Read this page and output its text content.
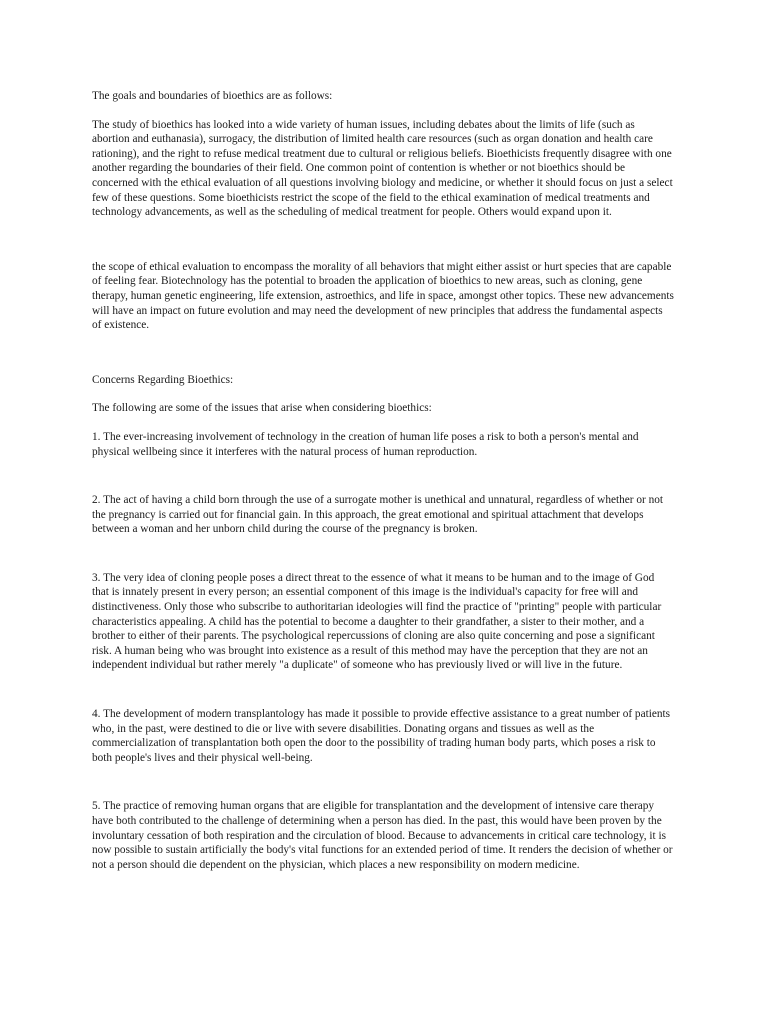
The goals and boundaries of bioethics are as follows:

The study of bioethics has looked into a wide variety of human issues, including debates about the limits of life (such as abortion and euthanasia), surrogacy, the distribution of limited health care resources (such as organ donation and health care rationing), and the right to refuse medical treatment due to cultural or religious beliefs. Bioethicists frequently disagree with one another regarding the boundaries of their field. One common point of contention is whether or not bioethics should be concerned with the ethical evaluation of all questions involving biology and medicine, or whether it should focus on just a select few of these questions. Some bioethicists restrict the scope of the field to the ethical examination of medical treatments and technology advancements, as well as the scheduling of medical treatment for people. Others would expand upon it.

the scope of ethical evaluation to encompass the morality of all behaviors that might either assist or hurt species that are capable of feeling fear. Biotechnology has the potential to broaden the application of bioethics to new areas, such as cloning, gene therapy, human genetic engineering, life extension, astroethics, and life in space, amongst other topics. These new advancements will have an impact on future evolution and may need the development of new principles that address the fundamental aspects of existence.

Concerns Regarding Bioethics:

The following are some of the issues that arise when considering bioethics:

1. The ever-increasing involvement of technology in the creation of human life poses a risk to both a person's mental and physical wellbeing since it interferes with the natural process of human reproduction.

2. The act of having a child born through the use of a surrogate mother is unethical and unnatural, regardless of whether or not the pregnancy is carried out for financial gain. In this approach, the great emotional and spiritual attachment that develops between a woman and her unborn child during the course of the pregnancy is broken.

3. The very idea of cloning people poses a direct threat to the essence of what it means to be human and to the image of God that is innately present in every person; an essential component of this image is the individual's capacity for free will and distinctiveness. Only those who subscribe to authoritarian ideologies will find the practice of "printing" people with particular characteristics appealing. A child has the potential to become a daughter to their grandfather, a sister to their mother, and a brother to either of their parents. The psychological repercussions of cloning are also quite concerning and pose a significant risk. A human being who was brought into existence as a result of this method may have the perception that they are not an independent individual but rather merely "a duplicate" of someone who has previously lived or will live in the future.

4. The development of modern transplantology has made it possible to provide effective assistance to a great number of patients who, in the past, were destined to die or live with severe disabilities. Donating organs and tissues as well as the commercialization of transplantation both open the door to the possibility of trading human body parts, which poses a risk to both people's lives and their physical well-being.

5. The practice of removing human organs that are eligible for transplantation and the development of intensive care therapy have both contributed to the challenge of determining when a person has died. In the past, this would have been proven by the involuntary cessation of both respiration and the circulation of blood. Because to advancements in critical care technology, it is now possible to sustain artificially the body's vital functions for an extended period of time. It renders the decision of whether or not a person should die dependent on the physician, which places a new responsibility on modern medicine.
